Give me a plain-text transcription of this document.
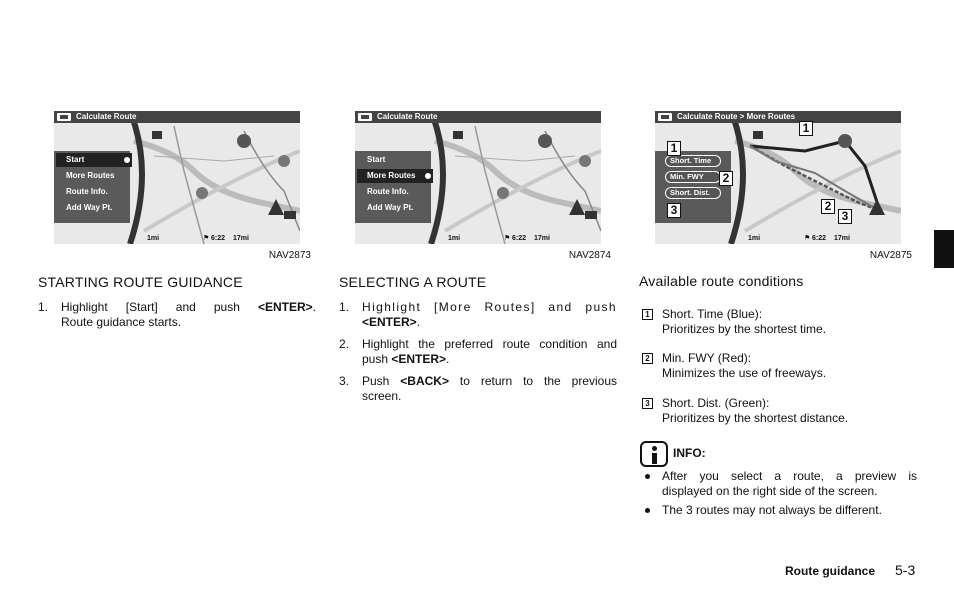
Calculate Route
Start
More Routes
Route Info.
Add Way Pt.
1mi	⚑ 6:22 17mi
NAV2873
Calculate Route
Start
More Routes
Route Info.
Add Way Pt.
1mi	⚑ 6:22 17mi
NAV2874
Calculate Route > More Routes
Short. Time
Min. FWY
Short. Dist.
1
2
3
1
2
3
1mi	⚑ 6:22 17mi
NAV2875
STARTING ROUTE GUIDANCE
1. Highlight [Start] and push <ENTER>.
Route guidance starts.
SELECTING A ROUTE
1. Highlight [More Routes] and push
<ENTER>.
2. Highlight the preferred route condition and
push <ENTER>.
3. Push <BACK> to return to the previous
screen.
Available route conditions
1 Short. Time (Blue):
Prioritizes by the shortest time.
2 Min. FWY (Red):
Minimizes the use of freeways.
3 Short. Dist. (Green):
Prioritizes by the shortest distance.
INFO:
After you select a route, a preview is
displayed on the right side of the screen.
The 3 routes may not always be different.
Route guidance 5-3
